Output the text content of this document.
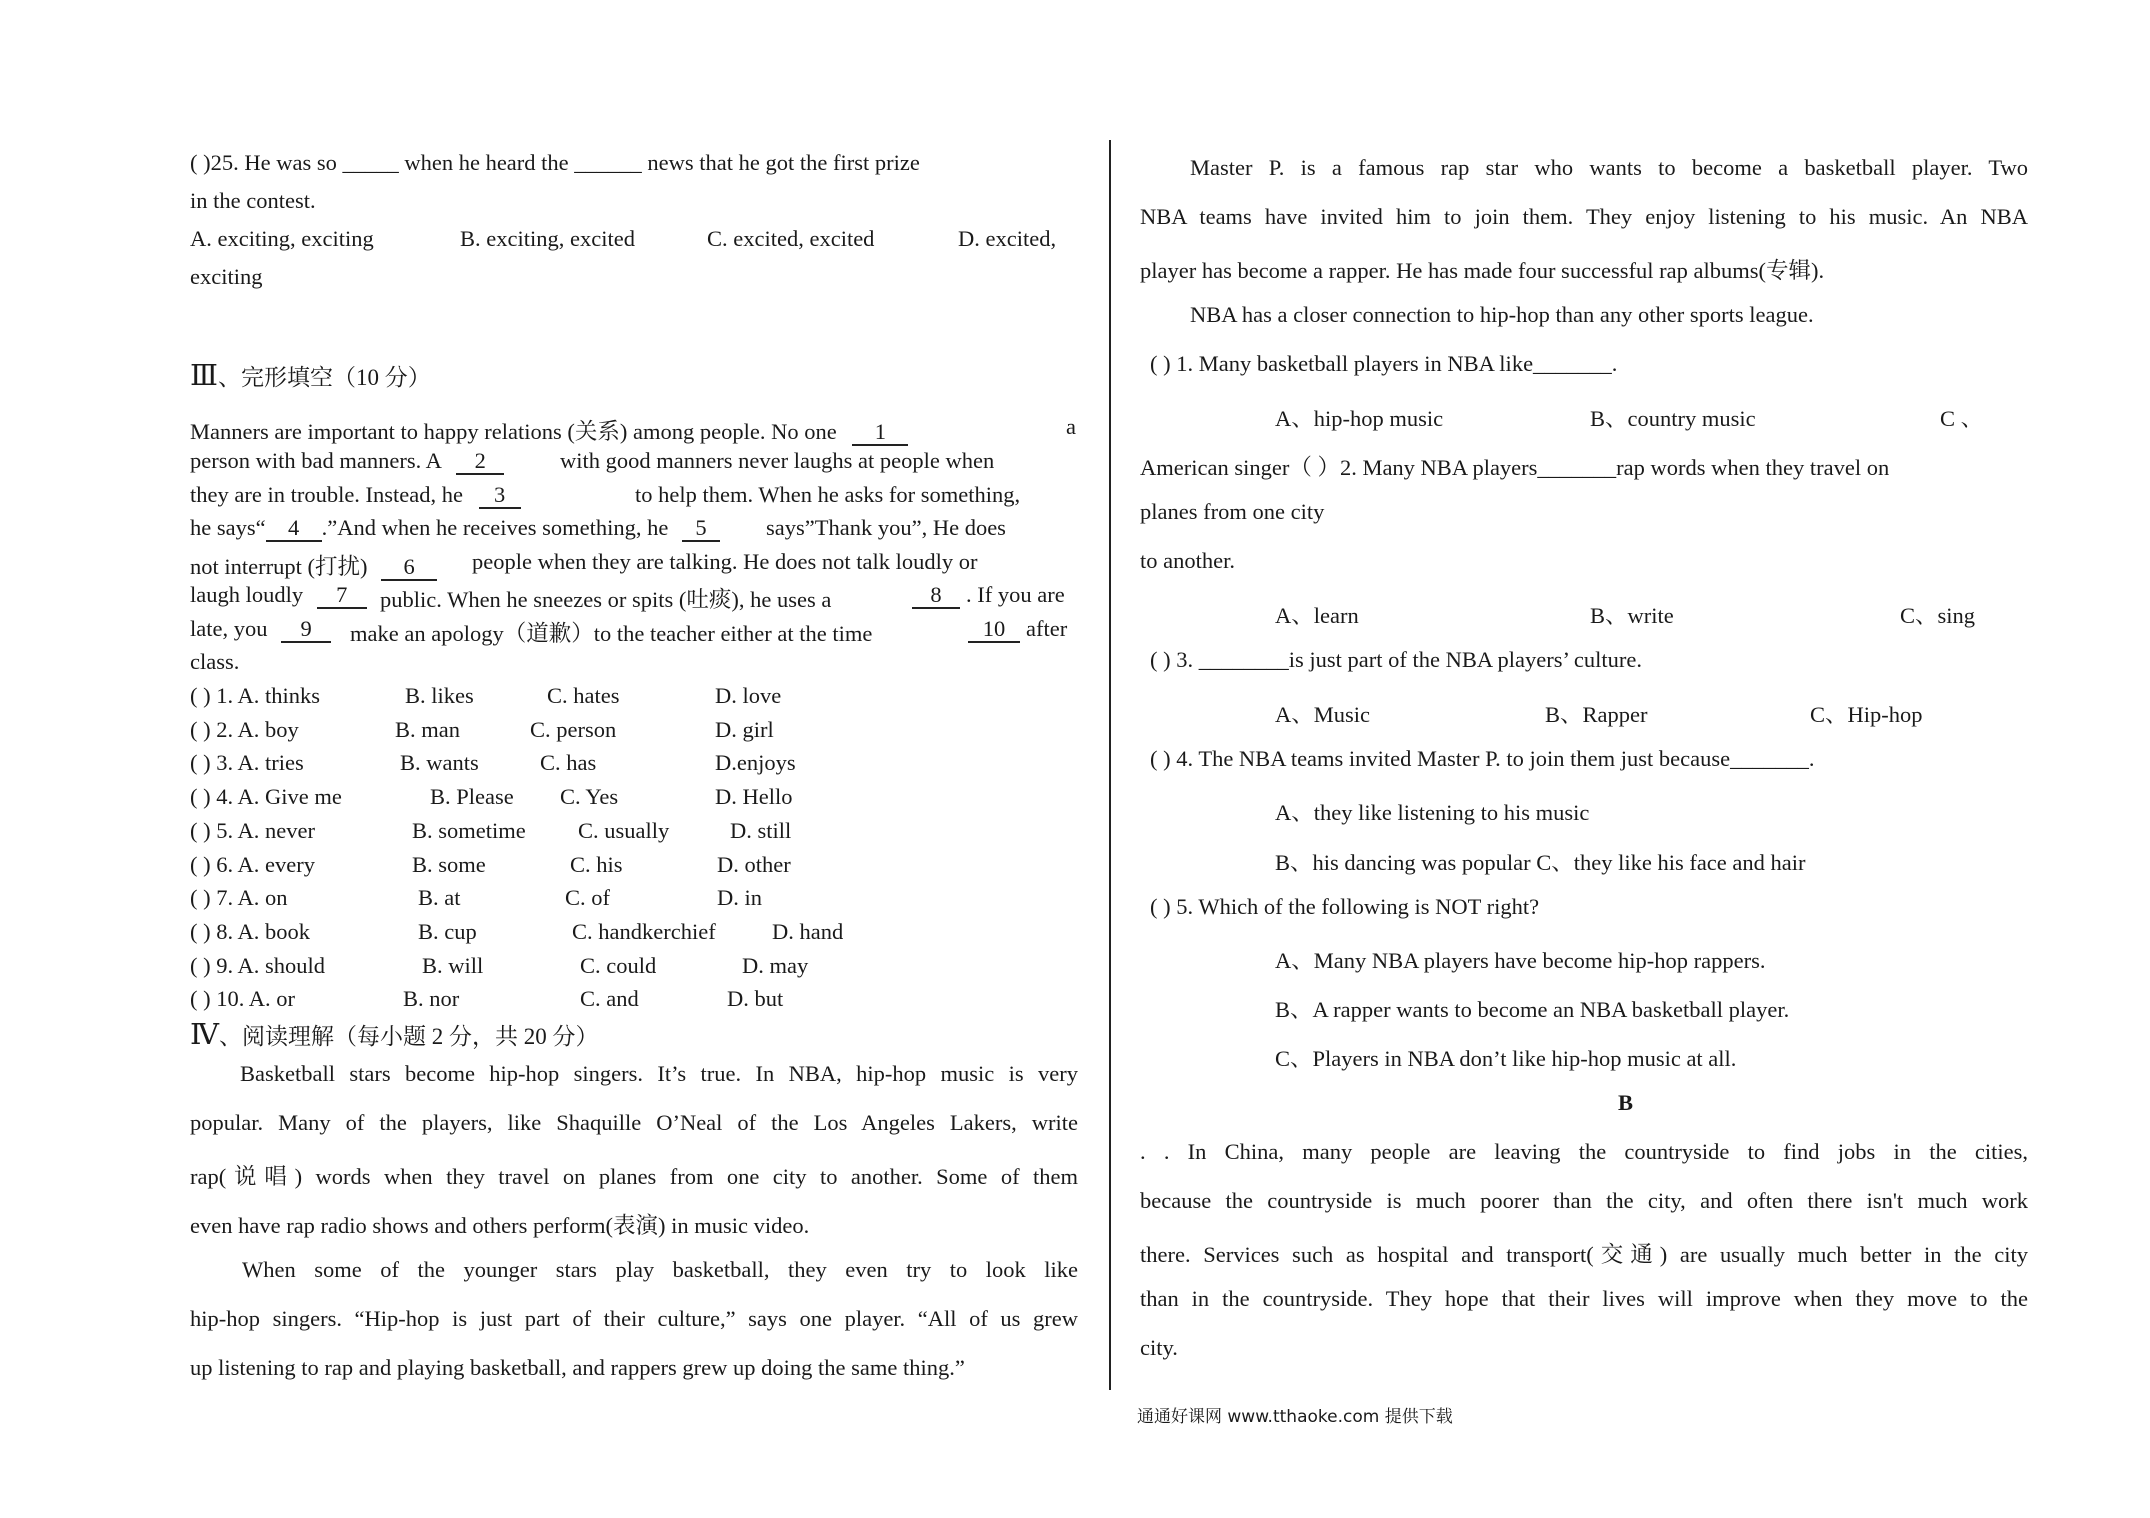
( )25. He was so _____ when he heard the ______ news that he got the first prize
in the contest.
A. exciting, exciting	B. exciting, excited	C. excited, excited	D. excited,
exciting
Ⅲ、完形填空（10 分）
Manners are important to happy relations (关系) among people. No one 1	a
person with bad manners. A 2	with good manners never laughs at people when
they are in trouble. Instead, he 3	to help them. When he asks for something,
he says“ 4 .”And when he receives something, he 5	says”Thank you”, He does
not interrupt (打扰) 6	people when they are talking. He does not talk loudly or
laugh loudly 7	public. When he sneezes or spits (吐痰), he uses a	8	. If you are
late, you 9	make an apology（道歉）to the teacher either at the time	10 after
class.
( ) 1. A. thinks	B. likes	C. hates	D. love
( ) 2. A. boy	B. man	C. person	D. girl
( ) 3. A. tries	B. wants	C. has	D.enjoys
( ) 4. A. Give me	B. Please C. Yes	D. Hello
( ) 5. A. never	B. sometime C. usually	D. still
( ) 6. A. every	B. some	C. his	D. other
( ) 7. A. on	B. at	C. of	D. in
( ) 8. A. book	B. cup	C. handkerchief	D. hand
( ) 9. A. should	B. will	C. could	D. may
( ) 10. A. or	B. nor	C. and	D. but
Ⅳ、阅读理解（每小题 2 分，共 20 分）
Basketball stars become hip-hop singers. It’s true. In NBA, hip-hop music is very
popular. Many of the players, like Shaquille O’Neal of the Los Angeles Lakers, write
rap(说唱) words when they travel on planes from one city to another. Some of them
even have rap radio shows and others perform(表演) in music video.
When some of the younger stars play basketball, they even try to look like
hip-hop singers. “Hip-hop is just part of their culture,” says one player. “All of us grew
up listening to rap and playing basketball, and rappers grew up doing the same thing.”
Master P. is a famous rap star who wants to become a basketball player. Two
NBA teams have invited him to join them. They enjoy listening to his music. An NBA
player has become a rapper. He has made four successful rap albums(专辑).
NBA has a closer connection to hip-hop than any other sports league.
( ) 1. Many basketball players in NBA like_______.
A、hip-hop music	B、country music	C 、
American singer（ ）2. Many NBA players_______rap words when they travel on
planes from one city
to another.
A、learn	B、write	C、sing
( ) 3. ________is just part of the NBA players’ culture.
A、Music	B、Rapper	C、Hip-hop
( ) 4. The NBA teams invited Master P. to join them just because_______.
A、they like listening to his music
B、his dancing was popular C、they like his face and hair
( ) 5. Which of the following is NOT right?
A、Many NBA players have become hip-hop rappers.
B、A rapper wants to become an NBA basketball player.
C、Players in NBA don’t like hip-hop music at all.
B
. . In China, many people are leaving the countryside to find jobs in the cities,
because the countryside is much poorer than the city, and often there isn't much work
there. Services such as hospital and transport(交通) are usually much better in the city
than in the countryside. They hope that their lives will improve when they move to the
city.
通通好课网 www.tthaoke.com 提供下载
